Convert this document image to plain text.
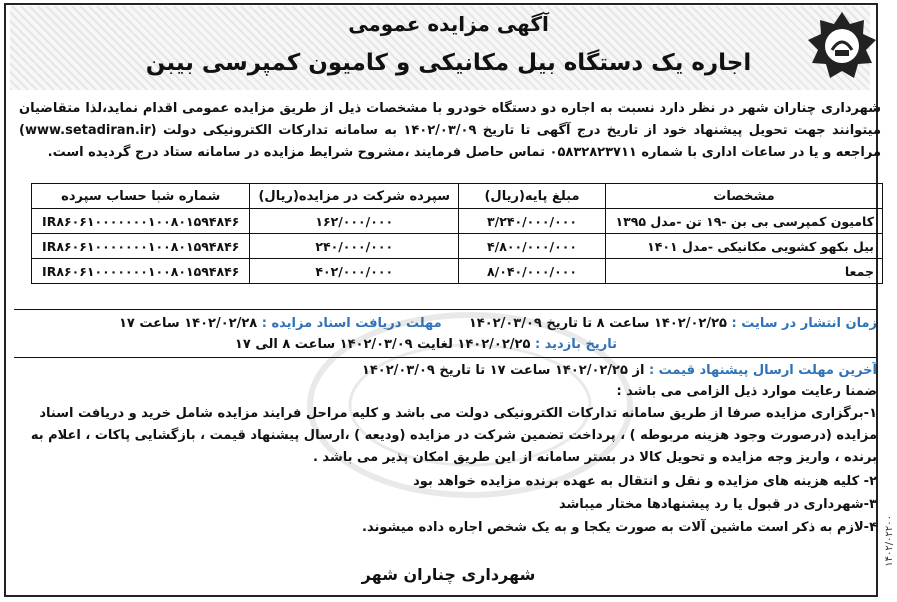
۱۴۰۲/۰۲۲۰۰
آگهی مزایده عمومی
اجاره یک دستگاه بیل مکانیکی و کامیون کمپرسی بیبن

شهرداری چناران شهر در نظر دارد نسبت به اجاره دو دستگاه خودرو با مشخصات ذیل از طریق مزایده عمومی اقدام نماید،لذا متقاضیان میتوانند جهت تحویل پیشنهاد خود از تاریخ درج آگهی تا تاریخ ۱۴۰۲/۰۳/۰۹ به سامانه تدارکات الکترونیکی دولت (www.setadiran.ir) مراجعه و یا در ساعات اداری با شماره ۰۵۸۳۲۸۲۳۷۱۱ تماس حاصل فرمایند ،مشروح شرایط مزایده در سامانه ستاد درج گردیده است.

مشخصات	مبلغ پایه(ریال)	سپرده شرکت در مزایده(ریال)	شماره شبا حساب سپرده
کامیون کمپرسی بی بن -۱۹ تن -مدل ۱۳۹۵	۳/۲۴۰/۰۰۰/۰۰۰	۱۶۲/۰۰۰/۰۰۰	IR۸۶۰۶۱۰۰۰۰۰۰۰۱۰۰۸۰۱۵۹۴۸۴۶
بیل بکهو کشویی مکانیکی -مدل ۱۴۰۱	۴/۸۰۰/۰۰۰/۰۰۰	۲۴۰/۰۰۰/۰۰۰	IR۸۶۰۶۱۰۰۰۰۰۰۰۱۰۰۸۰۱۵۹۴۸۴۶
جمعا	۸/۰۴۰/۰۰۰/۰۰۰	۴۰۲/۰۰۰/۰۰۰	IR۸۶۰۶۱۰۰۰۰۰۰۰۱۰۰۸۰۱۵۹۴۸۴۶

زمان انتشار در سایت : ۱۴۰۲/۰۲/۲۵ ساعت ۸ تا تاریخ ۱۴۰۲/۰۳/۰۹      مهلت دریافت اسناد مزایده : ۱۴۰۲/۰۲/۲۸ ساعت ۱۷

تاریخ بازدید : ۱۴۰۲/۰۲/۲۵ لغایت ۱۴۰۲/۰۳/۰۹ ساعت ۸ الی ۱۷

آخرین مهلت ارسال پیشنهاد قیمت : از ۱۴۰۲/۰۲/۲۵ ساعت ۱۷ تا تاریخ ۱۴۰۲/۰۳/۰۹

ضمنا رعایت موارد ذیل الزامی می باشد :

۱-برگزاری مزایده صرفا از طریق سامانه تدارکات الکترونیکی دولت می باشد و کلیه مراحل فرایند مزایده شامل خرید و دریافت اسناد مزایده (درصورت وجود هزینه مربوطه ) ، پرداخت تضمین شرکت در مزایده (ودیعه ) ،ارسال پیشنهاد قیمت ، بازگشایی پاکات ، اعلام به برنده ، واریز وجه مزایده و تحویل کالا در بستر سامانه از این طریق امکان پذیر می باشد .

۲- کلیه هزینه های مزایده و نقل و انتقال به عهده برنده مزایده خواهد بود

۳-شهرداری در قبول یا رد پیشنهادها مختار میباشد

۴-لازم به ذکر است ماشین آلات به صورت یکجا و به یک شخص اجاره داده میشوند.

شهرداری چناران شهر
